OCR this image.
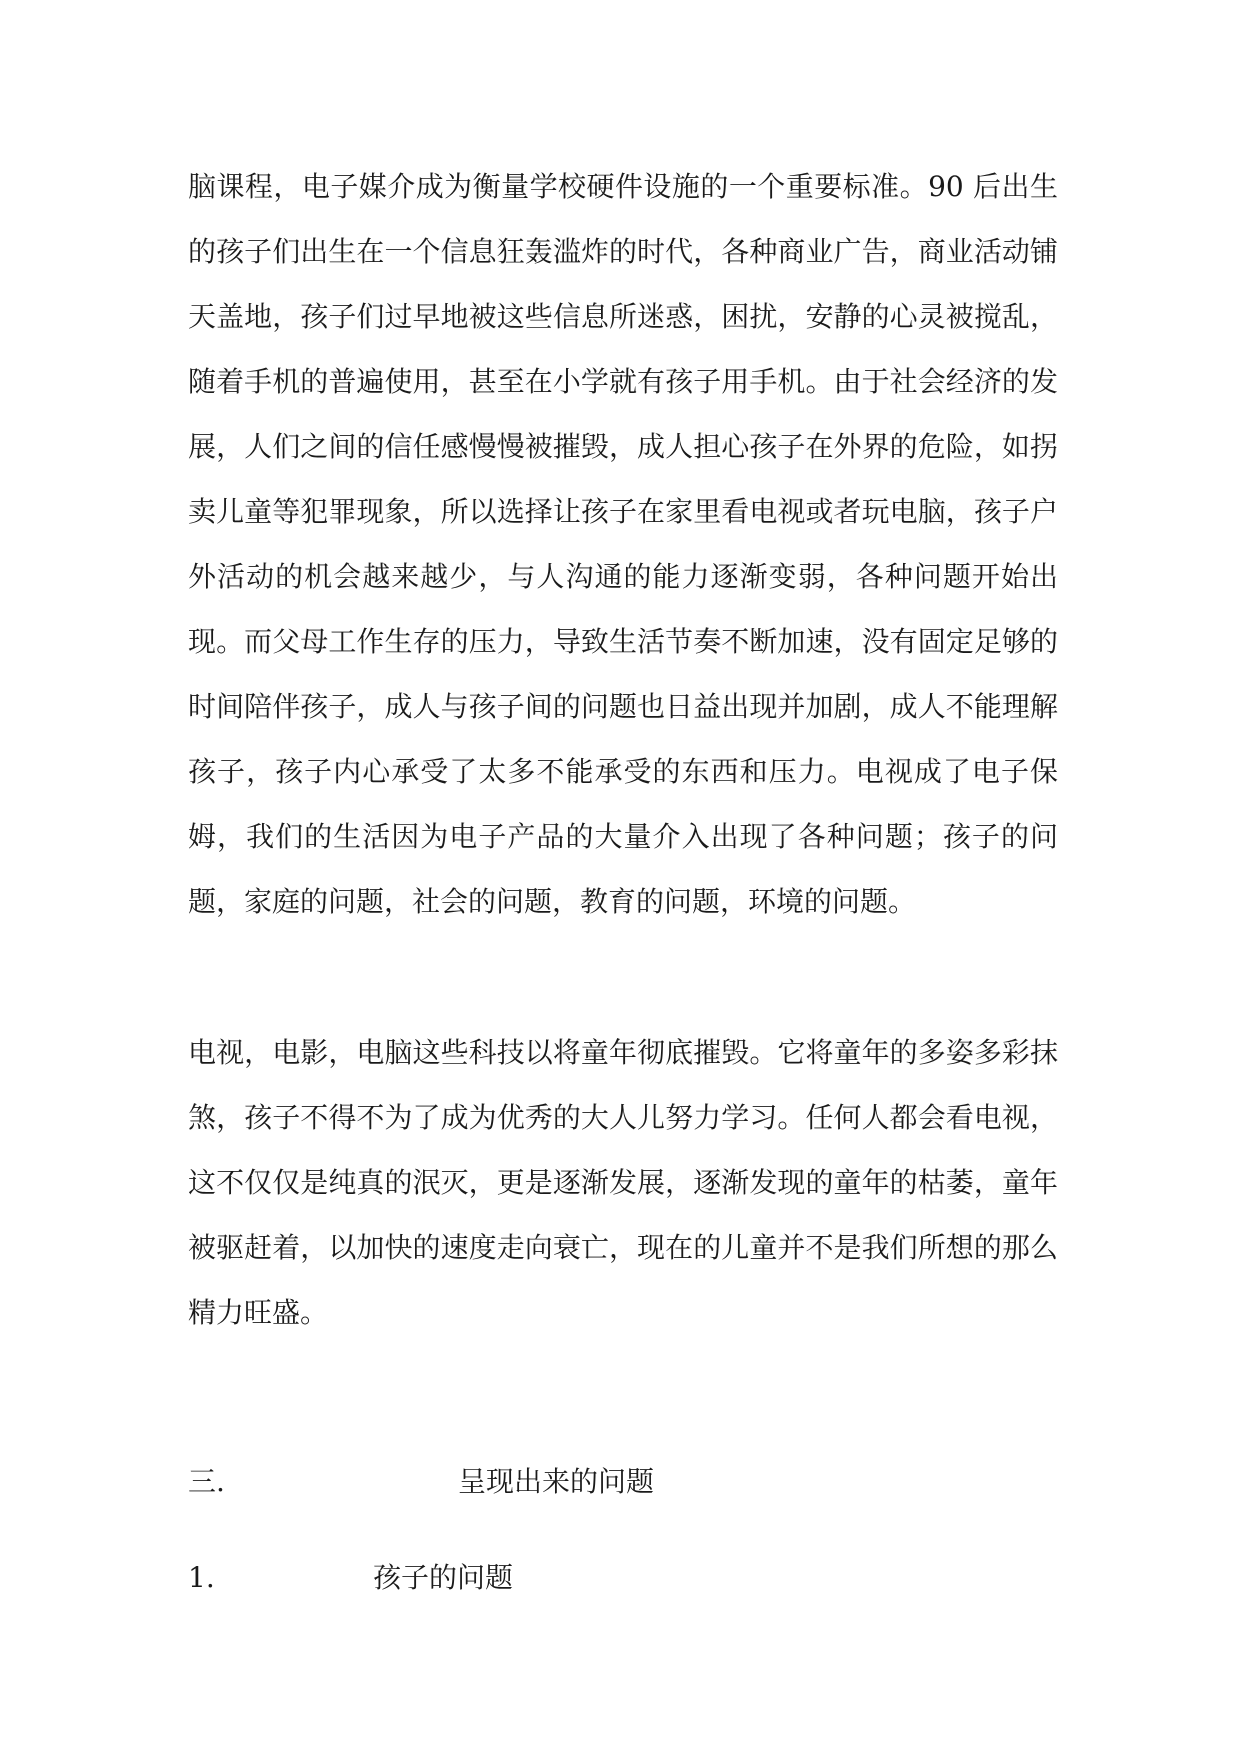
脑课程，电子媒介成为衡量学校硬件设施的一个重要标准。90 后出生的孩子们出生在一个信息狂轰滥炸的时代，各种商业广告，商业活动铺天盖地，孩子们过早地被这些信息所迷惑，困扰，安静的心灵被搅乱，随着手机的普遍使用，甚至在小学就有孩子用手机。由于社会经济的发展，人们之间的信任感慢慢被摧毁，成人担心孩子在外界的危险，如拐卖儿童等犯罪现象，所以选择让孩子在家里看电视或者玩电脑，孩子户外活动的机会越来越少，与人沟通的能力逐渐变弱，各种问题开始出现。而父母工作生存的压力，导致生活节奏不断加速，没有固定足够的时间陪伴孩子，成人与孩子间的问题也日益出现并加剧，成人不能理解孩子，孩子内心承受了太多不能承受的东西和压力。电视成了电子保姆，我们的生活因为电子产品的大量介入出现了各种问题；孩子的问题，家庭的问题，社会的问题，教育的问题，环境的问题。

电视，电影，电脑这些科技以将童年彻底摧毁。它将童年的多姿多彩抹煞，孩子不得不为了成为优秀的大人儿努力学习。任何人都会看电视，这不仅仅是纯真的泯灭，更是逐渐发展，逐渐发现的童年的枯萎，童年被驱赶着，以加快的速度走向衰亡，现在的儿童并不是我们所想的那么精力旺盛。

三.	呈现出来的问题
1.	孩子的问题
